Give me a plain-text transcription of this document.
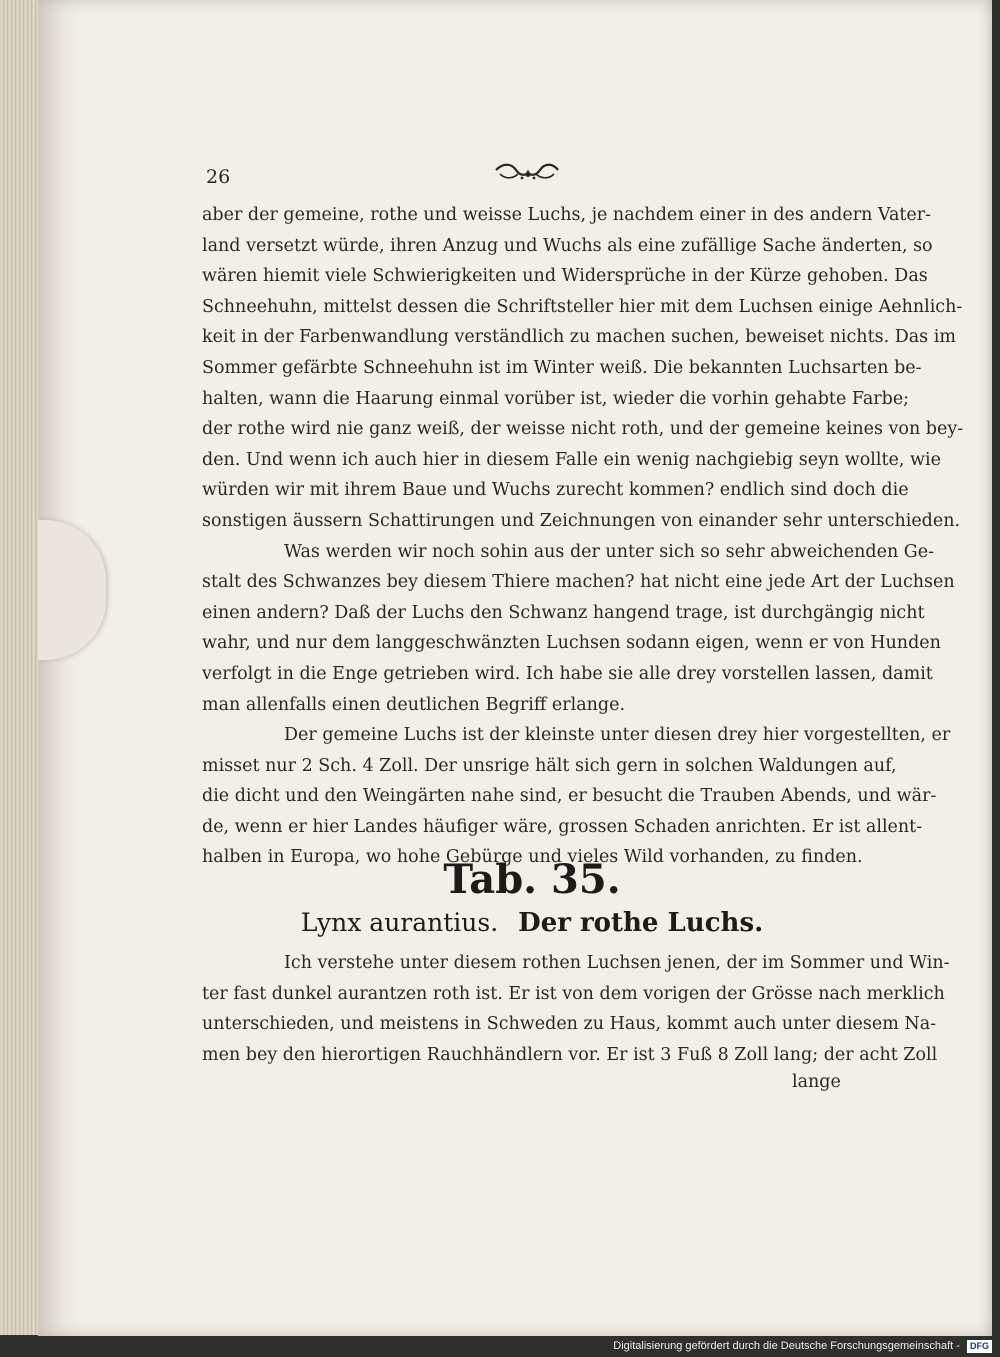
26
aber der gemeine, rothe und weisse Luchs, je nachdem einer in des andern Vater-
land versetzt würde, ihren Anzug und Wuchs als eine zufällige Sache änderten, so
wären hiemit viele Schwierigkeiten und Widersprüche in der Kürze gehoben. Das
Schneehuhn, mittelst dessen die Schriftsteller hier mit dem Luchsen einige Aehnlich-
keit in der Farbenwandlung verständlich zu machen suchen, beweiset nichts. Das im
Sommer gefärbte Schneehuhn ist im Winter weiß. Die bekannten Luchsarten be-
halten, wann die Haarung einmal vorüber ist, wieder die vorhin gehabte Farbe;
der rothe wird nie ganz weiß, der weisse nicht roth, und der gemeine keines von bey-
den. Und wenn ich auch hier in diesem Falle ein wenig nachgiebig seyn wollte, wie
würden wir mit ihrem Baue und Wuchs zurecht kommen? endlich sind doch die
sonstigen äussern Schattirungen und Zeichnungen von einander sehr unterschieden.
Was werden wir noch sohin aus der unter sich so sehr abweichenden Ge-
stalt des Schwanzes bey diesem Thiere machen? hat nicht eine jede Art der Luchsen
einen andern? Daß der Luchs den Schwanz hangend trage, ist durchgängig nicht
wahr, und nur dem langgeschwänzten Luchsen sodann eigen, wenn er von Hunden
verfolgt in die Enge getrieben wird. Ich habe sie alle drey vorstellen lassen, damit
man allenfalls einen deutlichen Begriff erlange.
Der gemeine Luchs ist der kleinste unter diesen drey hier vorgestellten, er
misset nur 2 Sch. 4 Zoll. Der unsrige hält sich gern in solchen Waldungen auf,
die dicht und den Weingärten nahe sind, er besucht die Trauben Abends, und wär-
de, wenn er hier Landes häufiger wäre, grossen Schaden anrichten. Er ist allent-
halben in Europa, wo hohe Gebürge und vieles Wild vorhanden, zu finden.
Tab. 35.
Lynx aurantius. Der rothe Luchs.
Ich verstehe unter diesem rothen Luchsen jenen, der im Sommer und Win-
ter fast dunkel aurantzen roth ist. Er ist von dem vorigen der Grösse nach merklich
unterschieden, und meistens in Schweden zu Haus, kommt auch unter diesem Na-
men bey den hierortigen Rauchhändlern vor. Er ist 3 Fuß 8 Zoll lang; der acht Zoll
lange
Digitalisierung gefördert durch die Deutsche Forschungsgemeinschaft - DFG
